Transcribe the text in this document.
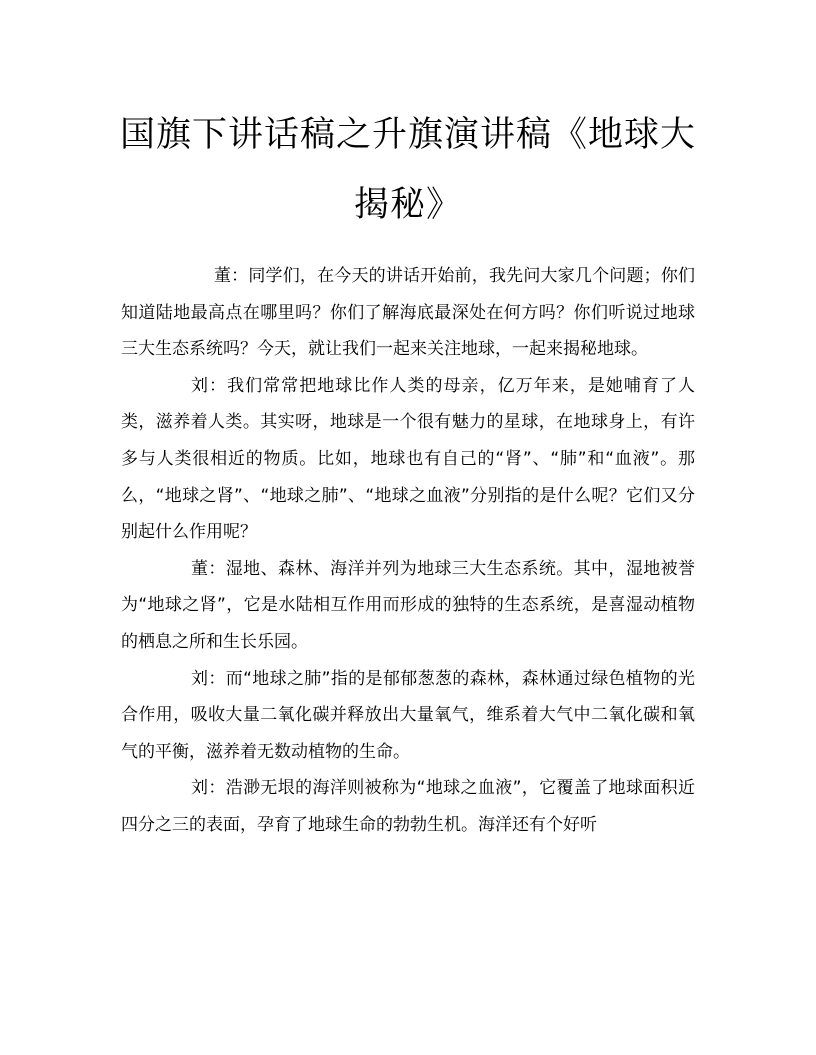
国旗下讲话稿之升旗演讲稿《地球大揭秘》

董：同学们，在今天的讲话开始前，我先问大家几个问题；你们知道陆地最高点在哪里吗？你们了解海底最深处在何方吗？你们听说过地球三大生态系统吗？今天，就让我们一起来关注地球，一起来揭秘地球。

刘：我们常常把地球比作人类的母亲，亿万年来，是她哺育了人类，滋养着人类。其实呀，地球是一个很有魅力的星球，在地球身上，有许多与人类很相近的物质。比如，地球也有自己的“肾”、“肺”和“血液”。那么，“地球之肾”、“地球之肺”、“地球之血液”分别指的是什么呢？它们又分别起什么作用呢？

董：湿地、森林、海洋并列为地球三大生态系统。其中，湿地被誉为“地球之肾”，它是水陆相互作用而形成的独特的生态系统，是喜湿动植物的栖息之所和生长乐园。

刘：而“地球之肺”指的是郁郁葱葱的森林，森林通过绿色植物的光合作用，吸收大量二氧化碳并释放出大量氧气，维系着大气中二氧化碳和氧气的平衡，滋养着无数动植物的生命。

刘：浩渺无垠的海洋则被称为“地球之血液”，它覆盖了地球面积近四分之三的表面，孕育了地球生命的勃勃生机。海洋还有个好听
